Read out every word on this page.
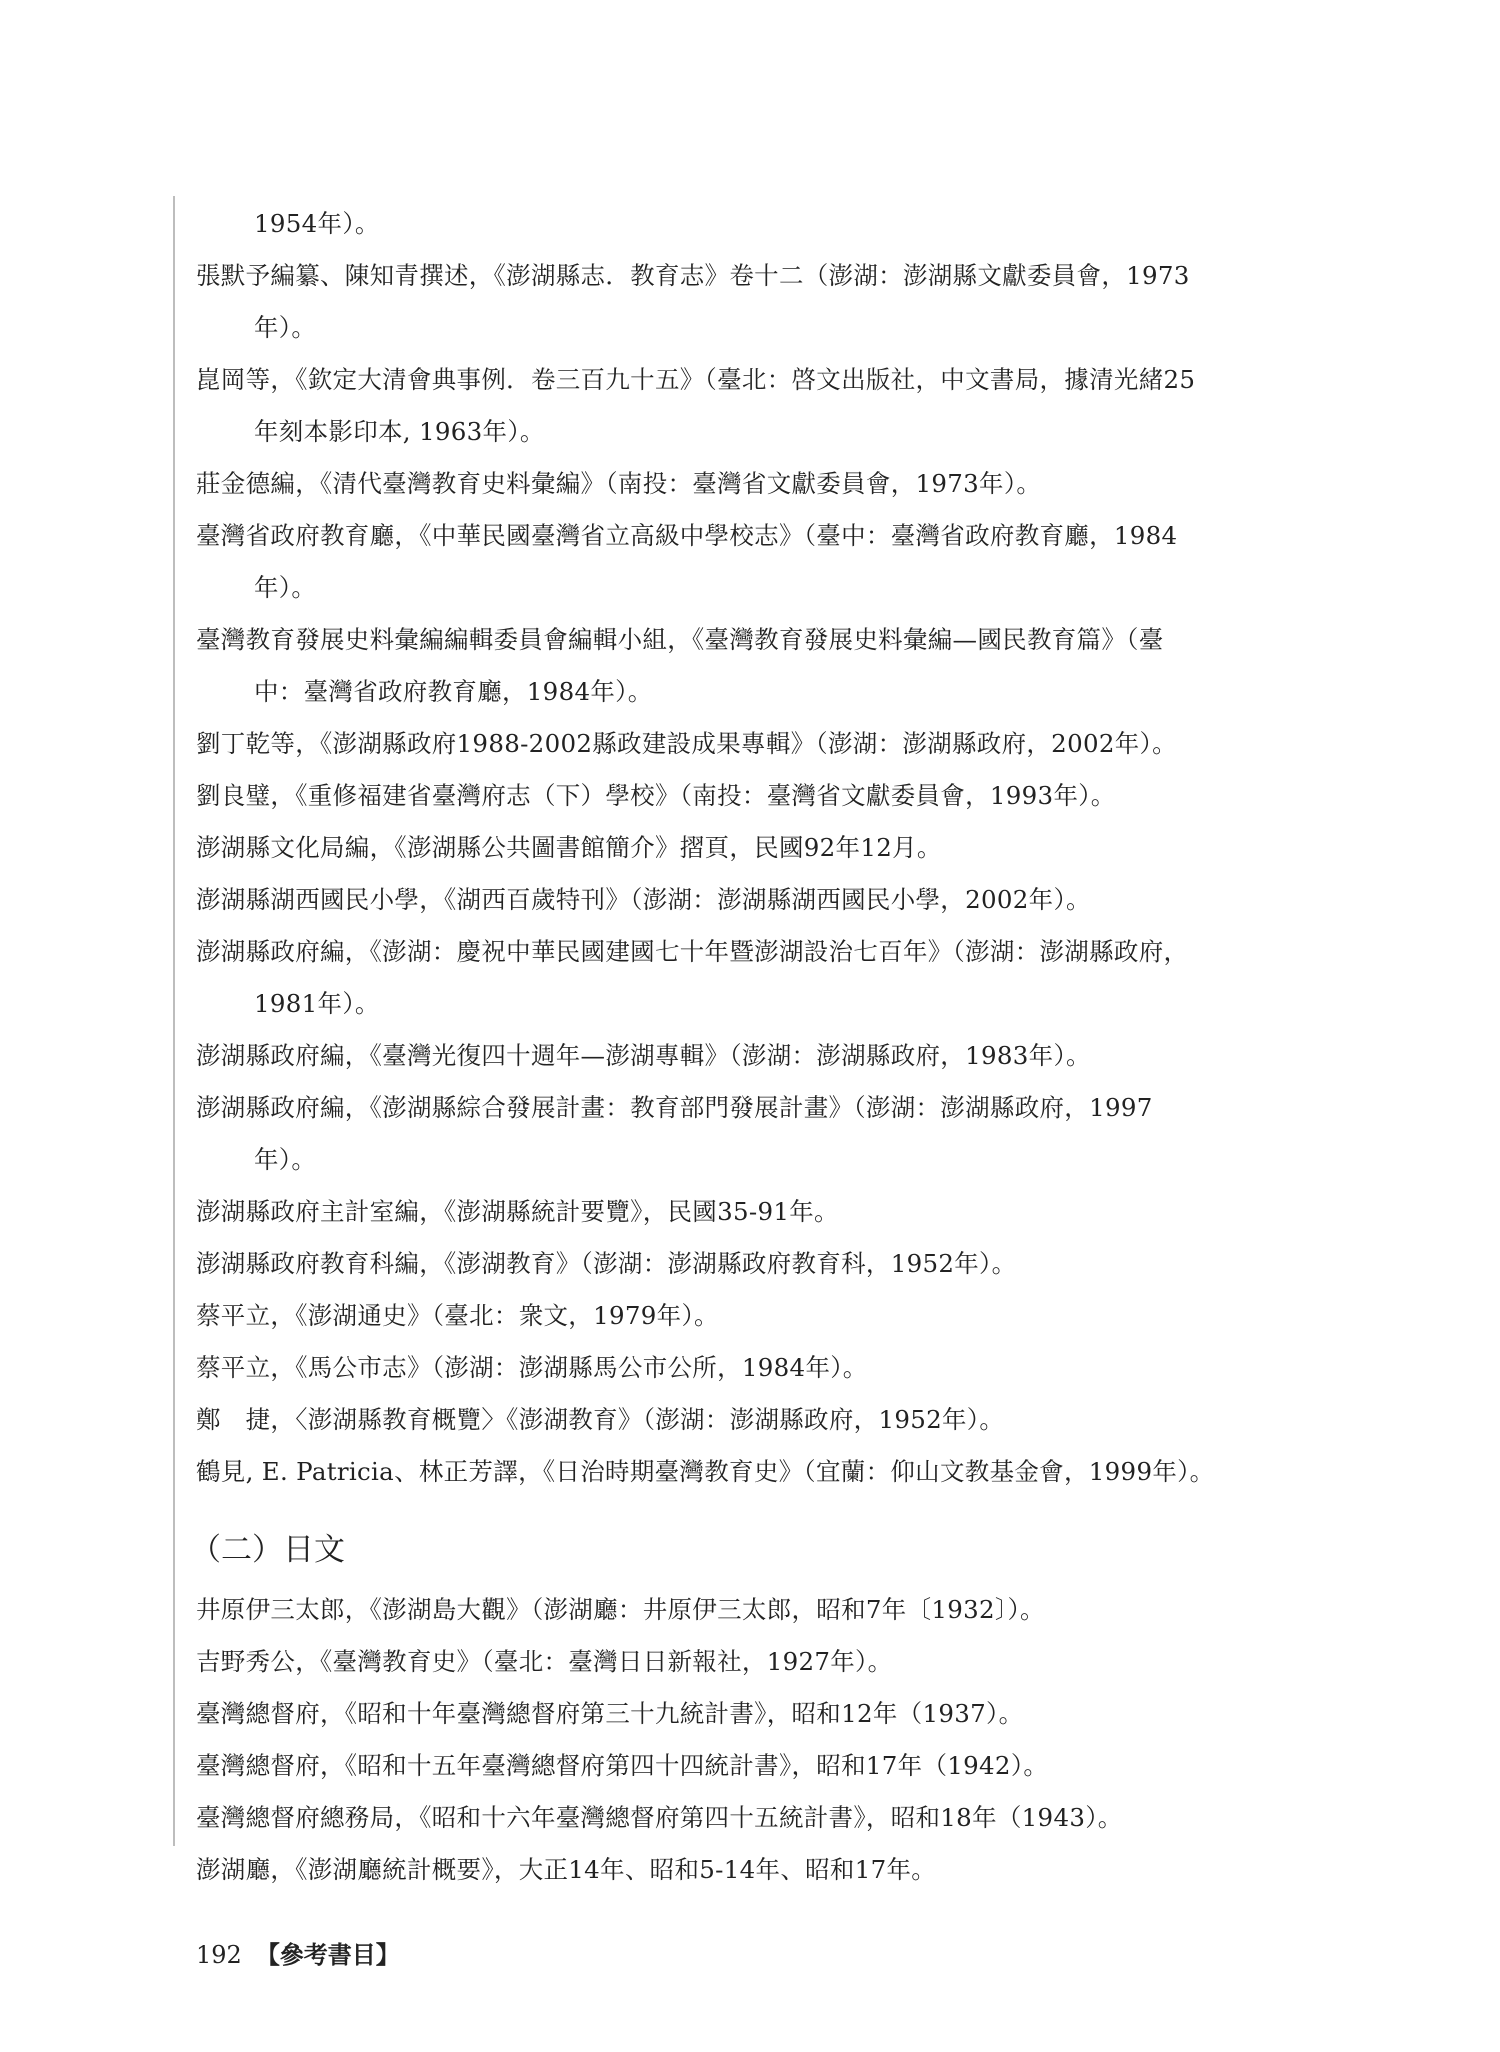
1954年）。
張默予編纂、陳知青撰述，《澎湖縣志．教育志》卷十二（澎湖：澎湖縣文獻委員會，1973
年）。
崑岡等，《欽定大清會典事例．卷三百九十五》（臺北：啓文出版社，中文書局，據清光緒25
年刻本影印本, 1963年）。
莊金德編，《清代臺灣教育史料彙編》（南投：臺灣省文獻委員會，1973年）。
臺灣省政府教育廳，《中華民國臺灣省立高級中學校志》（臺中：臺灣省政府教育廳，1984
年）。
臺灣教育發展史料彙編編輯委員會編輯小組，《臺灣教育發展史料彙編—國民教育篇》（臺
中：臺灣省政府教育廳，1984年）。
劉丁乾等，《澎湖縣政府1988-2002縣政建設成果專輯》（澎湖：澎湖縣政府，2002年）。
劉良璧，《重修福建省臺灣府志（下）學校》（南投：臺灣省文獻委員會，1993年）。
澎湖縣文化局編，《澎湖縣公共圖書館簡介》摺頁，民國92年12月。
澎湖縣湖西國民小學，《湖西百歲特刊》（澎湖：澎湖縣湖西國民小學，2002年）。
澎湖縣政府編，《澎湖：慶祝中華民國建國七十年暨澎湖設治七百年》（澎湖：澎湖縣政府，
1981年）。
澎湖縣政府編，《臺灣光復四十週年—澎湖專輯》（澎湖：澎湖縣政府，1983年）。
澎湖縣政府編，《澎湖縣綜合發展計畫：教育部門發展計畫》（澎湖：澎湖縣政府，1997
年）。
澎湖縣政府主計室編，《澎湖縣統計要覽》，民國35-91年。
澎湖縣政府教育科編，《澎湖教育》（澎湖：澎湖縣政府教育科，1952年）。
蔡平立，《澎湖通史》（臺北：衆文，1979年）。
蔡平立，《馬公市志》（澎湖：澎湖縣馬公市公所，1984年）。
鄭　捷，〈澎湖縣教育概覽〉《澎湖教育》（澎湖：澎湖縣政府，1952年）。
鶴見, E. Patricia、林正芳譯，《日治時期臺灣教育史》（宜蘭：仰山文教基金會，1999年）。
（二）日文
井原伊三太郎，《澎湖島大觀》（澎湖廳：井原伊三太郎，昭和7年〔1932〕）。
吉野秀公，《臺灣教育史》（臺北：臺灣日日新報社，1927年）。
臺灣總督府，《昭和十年臺灣總督府第三十九統計書》，昭和12年（1937）。
臺灣總督府，《昭和十五年臺灣總督府第四十四統計書》，昭和17年（1942）。
臺灣總督府總務局，《昭和十六年臺灣總督府第四十五統計書》，昭和18年（1943）。
澎湖廳，《澎湖廳統計概要》，大正14年、昭和5-14年、昭和17年。
192 【參考書目】
